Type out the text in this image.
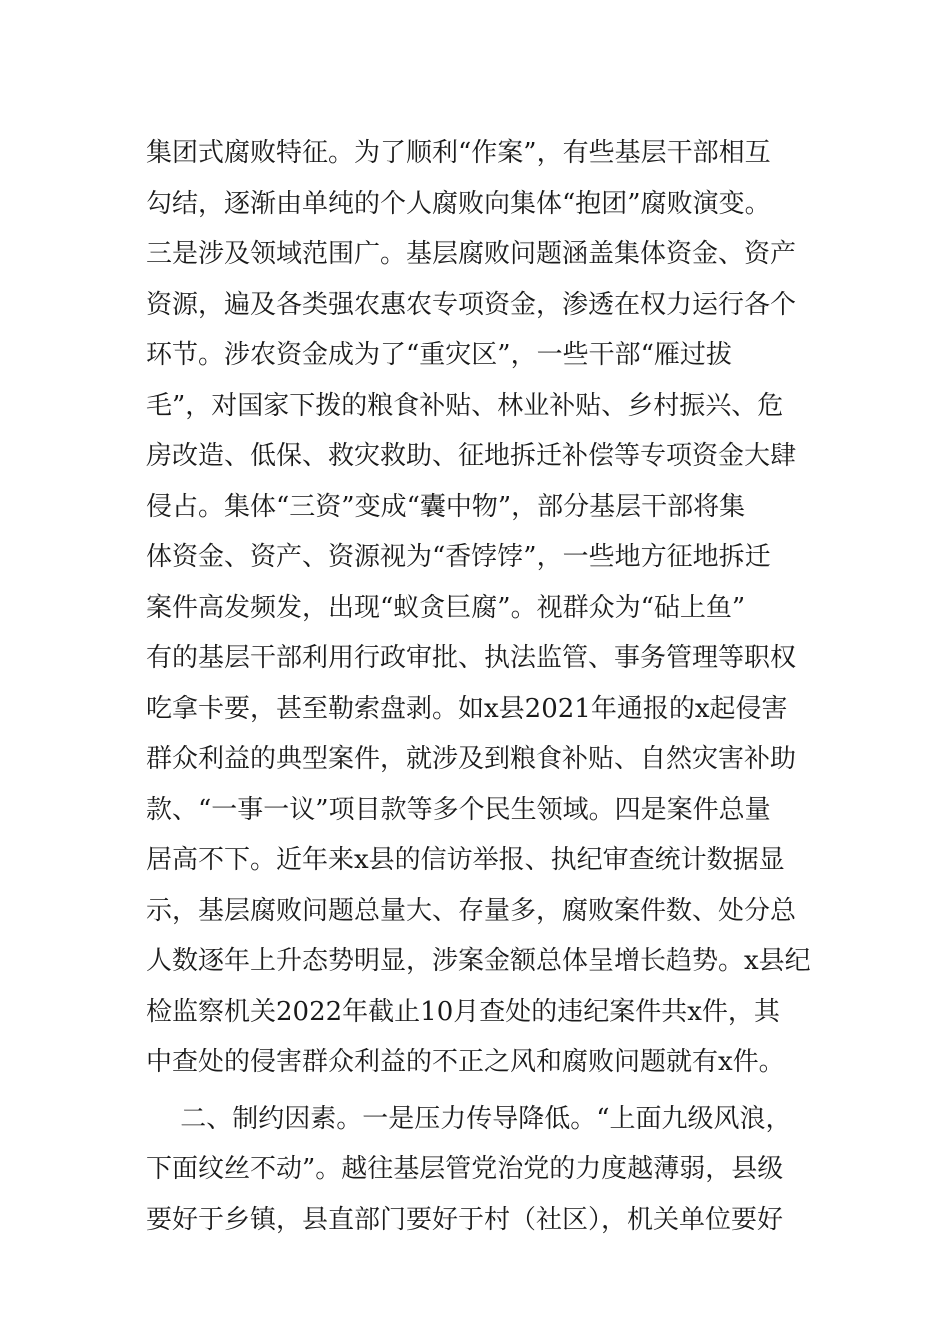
集团式腐败特征。为了顺利“作案”，有些基层干部相互
勾结，逐渐由单纯的个人腐败向集体“抱团”腐败演变。
三是涉及领域范围广。基层腐败问题涵盖集体资金、资产
资源，遍及各类强农惠农专项资金，渗透在权力运行各个
环节。涉农资金成为了“重灾区”，一些干部“雁过拔
毛”，对国家下拨的粮食补贴、林业补贴、乡村振兴、危
房改造、低保、救灾救助、征地拆迁补偿等专项资金大肆
侵占。集体“三资”变成“囊中物”，部分基层干部将集
体资金、资产、资源视为“香饽饽”，一些地方征地拆迁
案件高发频发，出现“蚁贪巨腐”。视群众为“砧上鱼”
有的基层干部利用行政审批、执法监管、事务管理等职权
吃拿卡要，甚至勒索盘剥。如x县2021年通报的x起侵害
群众利益的典型案件，就涉及到粮食补贴、自然灾害补助
款、“一事一议”项目款等多个民生领域。四是案件总量
居高不下。近年来x县的信访举报、执纪审查统计数据显
示，基层腐败问题总量大、存量多，腐败案件数、处分总
人数逐年上升态势明显，涉案金额总体呈增长趋势。x县纪
检监察机关2022年截止10月查处的违纪案件共x件，其
中查处的侵害群众利益的不正之风和腐败问题就有x件。
　 二、制约因素。一是压力传导降低。“上面九级风浪，
下面纹丝不动”。越往基层管党治党的力度越薄弱，县级
要好于乡镇，县直部门要好于村（社区），机关单位要好
